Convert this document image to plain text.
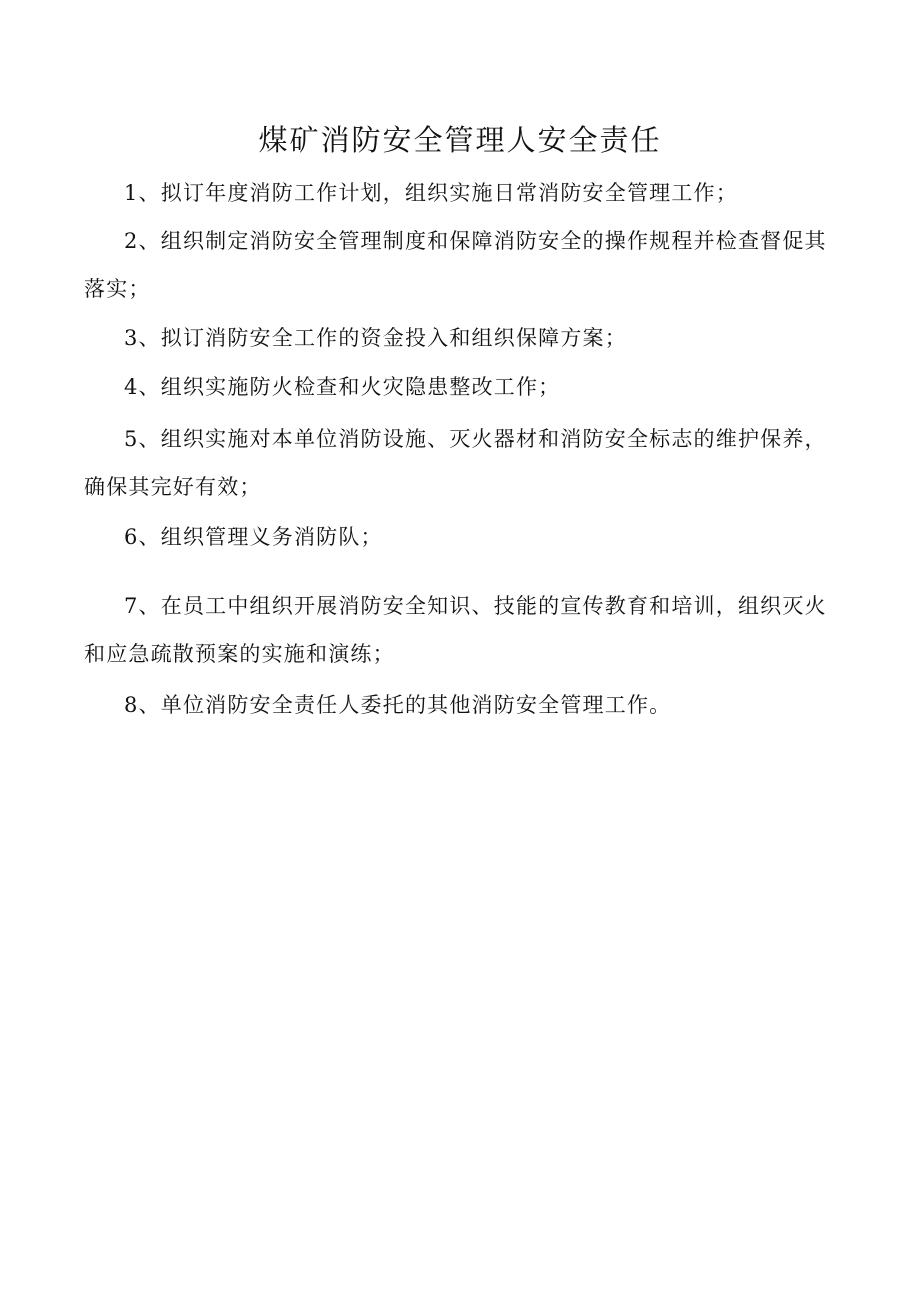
煤矿消防安全管理人安全责任

1、拟订年度消防工作计划，组织实施日常消防安全管理工作；

2、组织制定消防安全管理制度和保障消防安全的操作规程并检查督促其落实；

3、拟订消防安全工作的资金投入和组织保障方案；

4、组织实施防火检查和火灾隐患整改工作；

5、组织实施对本单位消防设施、灭火器材和消防安全标志的维护保养，确保其完好有效；

6、组织管理义务消防队；

7、在员工中组织开展消防安全知识、技能的宣传教育和培训，组织灭火和应急疏散预案的实施和演练；

8、单位消防安全责任人委托的其他消防安全管理工作。
